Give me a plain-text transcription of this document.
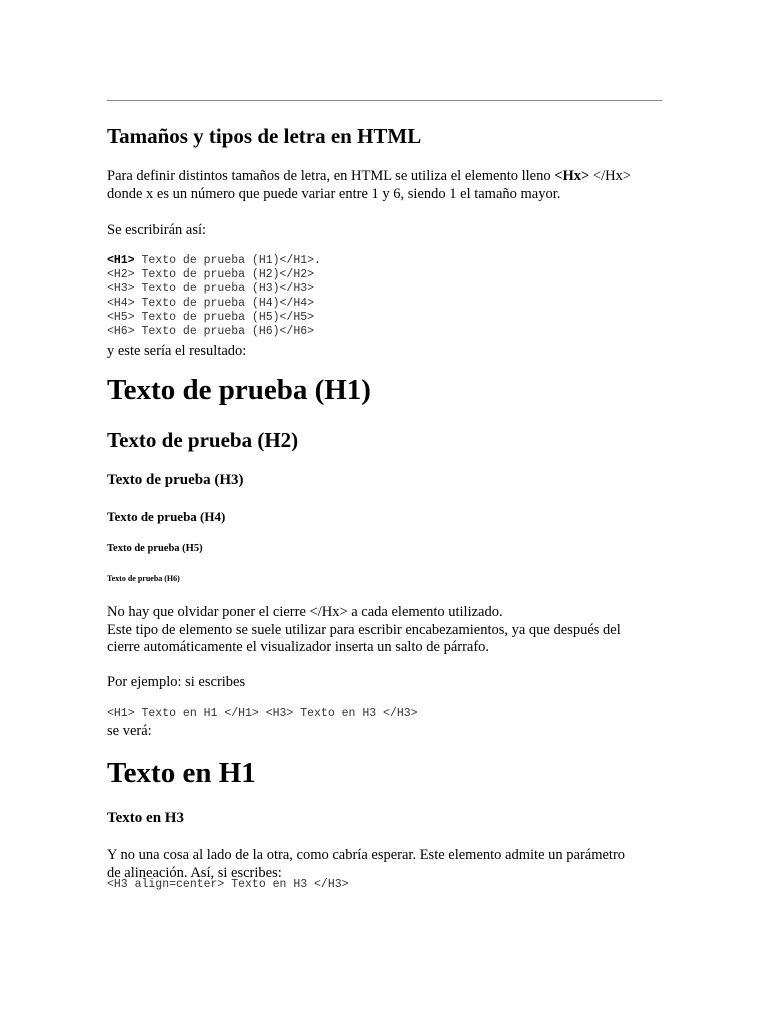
Tamaños y tipos de letra en HTML
Para definir distintos tamaños de letra, en HTML se utiliza el elemento lleno <Hx> </Hx>
donde x es un número que puede variar entre 1 y 6, siendo 1 el tamaño mayor.
Se escribirán así:
<H1> Texto de prueba (H1)</H1>.
<H2> Texto de prueba (H2)</H2>
<H3> Texto de prueba (H3)</H3>
<H4> Texto de prueba (H4)</H4>
<H5> Texto de prueba (H5)</H5>
<H6> Texto de prueba (H6)</H6>
y este sería el resultado:
Texto de prueba (H1)
Texto de prueba (H2)
Texto de prueba (H3)
Texto de prueba (H4)
Texto de prueba (H5)
Texto de prueba (H6)
No hay que olvidar poner el cierre </Hx> a cada elemento utilizado.
Este tipo de elemento se suele utilizar para escribir encabezamientos, ya que después del
cierre automáticamente el visualizador inserta un salto de párrafo.
Por ejemplo: si escribes
<H1> Texto en H1 </H1> <H3> Texto en H3 </H3>
se verá:
Texto en H1
Texto en H3
Y no una cosa al lado de la otra, como cabría esperar. Este elemento admite un parámetro
de alineación. Así, si escribes:
<H3 align=center> Texto en H3 </H3>
